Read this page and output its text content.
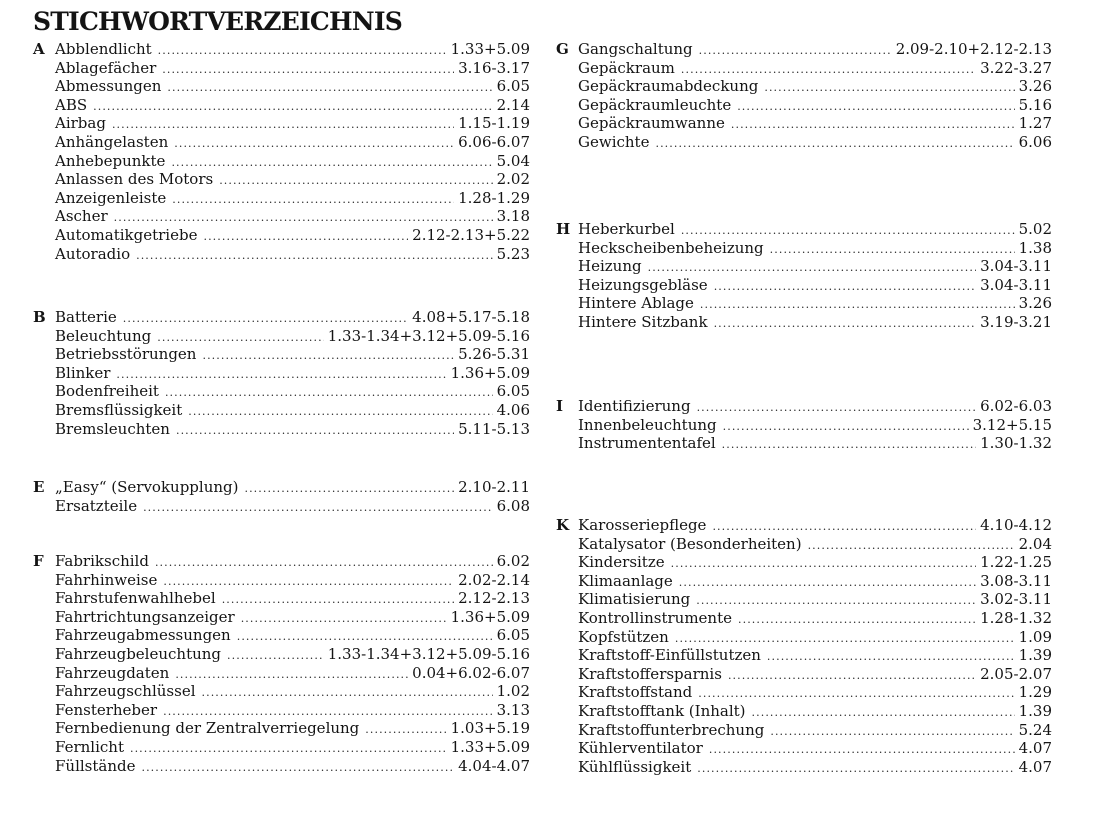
STICHWORTVERZEICHNIS
A Abblendlicht .....	1.33+5.09
Ablagefächer .....	3.16-3.17
Abmessungen .....	6.05
ABS .....	2.14
Airbag .....	1.15-1.19
Anhängelasten .....	6.06-6.07
Anhebepunkte .....	5.04
Anlassen des Motors .....	2.02
Anzeigenleiste .....	1.28-1.29
Ascher .....	3.18
Automatikgetriebe .....	2.12-2.13+5.22
Autoradio .....	5.23
B Batterie .....	4.08+5.17-5.18
Beleuchtung .....	1.33-1.34+3.12+5.09-5.16
Betriebsstörungen .....	5.26-5.31
Blinker .....	1.36+5.09
Bodenfreiheit .....	6.05
Bremsflüssigkeit .....	4.06
Bremsleuchten .....	5.11-5.13
E „Easy“ (Servokupplung) .....	2.10-2.11
Ersatzteile .....	6.08
F Fabrikschild .....	6.02
Fahrhinweise .....	2.02-2.14
Fahrstufenwahlhebel .....	2.12-2.13
Fahrtrichtungsanzeiger .....	1.36+5.09
Fahrzeugabmessungen .....	6.05
Fahrzeugbeleuchtung .....	1.33-1.34+3.12+5.09-5.16
Fahrzeugdaten .....	0.04+6.02-6.07
Fahrzeugschlüssel .....	1.02
Fensterheber .....	3.13
Fernbedienung der Zentralverriegelung .....	1.03+5.19
Fernlicht .....	1.33+5.09
Füllstände .....	4.04-4.07
G Gangschaltung .....	2.09-2.10+2.12-2.13
Gepäckraum .....	3.22-3.27
Gepäckraumabdeckung .....	3.26
Gepäckraumleuchte .....	5.16
Gepäckraumwanne .....	1.27
Gewichte .....	6.06
H Heberkurbel .....	5.02
Heckscheibenbeheizung .....	1.38
Heizung .....	3.04-3.11
Heizungsgebläse .....	3.04-3.11
Hintere Ablage .....	3.26
Hintere Sitzbank .....	3.19-3.21
I Identifizierung .....	6.02-6.03
Innenbeleuchtung .....	3.12+5.15
Instrumententafel .....	1.30-1.32
K Karosseriepflege .....	4.10-4.12
Katalysator (Besonderheiten) .....	2.04
Kindersitze .....	1.22-1.25
Klimaanlage .....	3.08-3.11
Klimatisierung .....	3.02-3.11
Kontrollinstrumente .....	1.28-1.32
Kopfstützen .....	1.09
Kraftstoff-Einfüllstutzen .....	1.39
Kraftstoffersparnis .....	2.05-2.07
Kraftstoffstand .....	1.29
Kraftstofftank (Inhalt) .....	1.39
Kraftstoffunterbrechung .....	5.24
Kühlerventilator .....	4.07
Kühlflüssigkeit .....	4.07
